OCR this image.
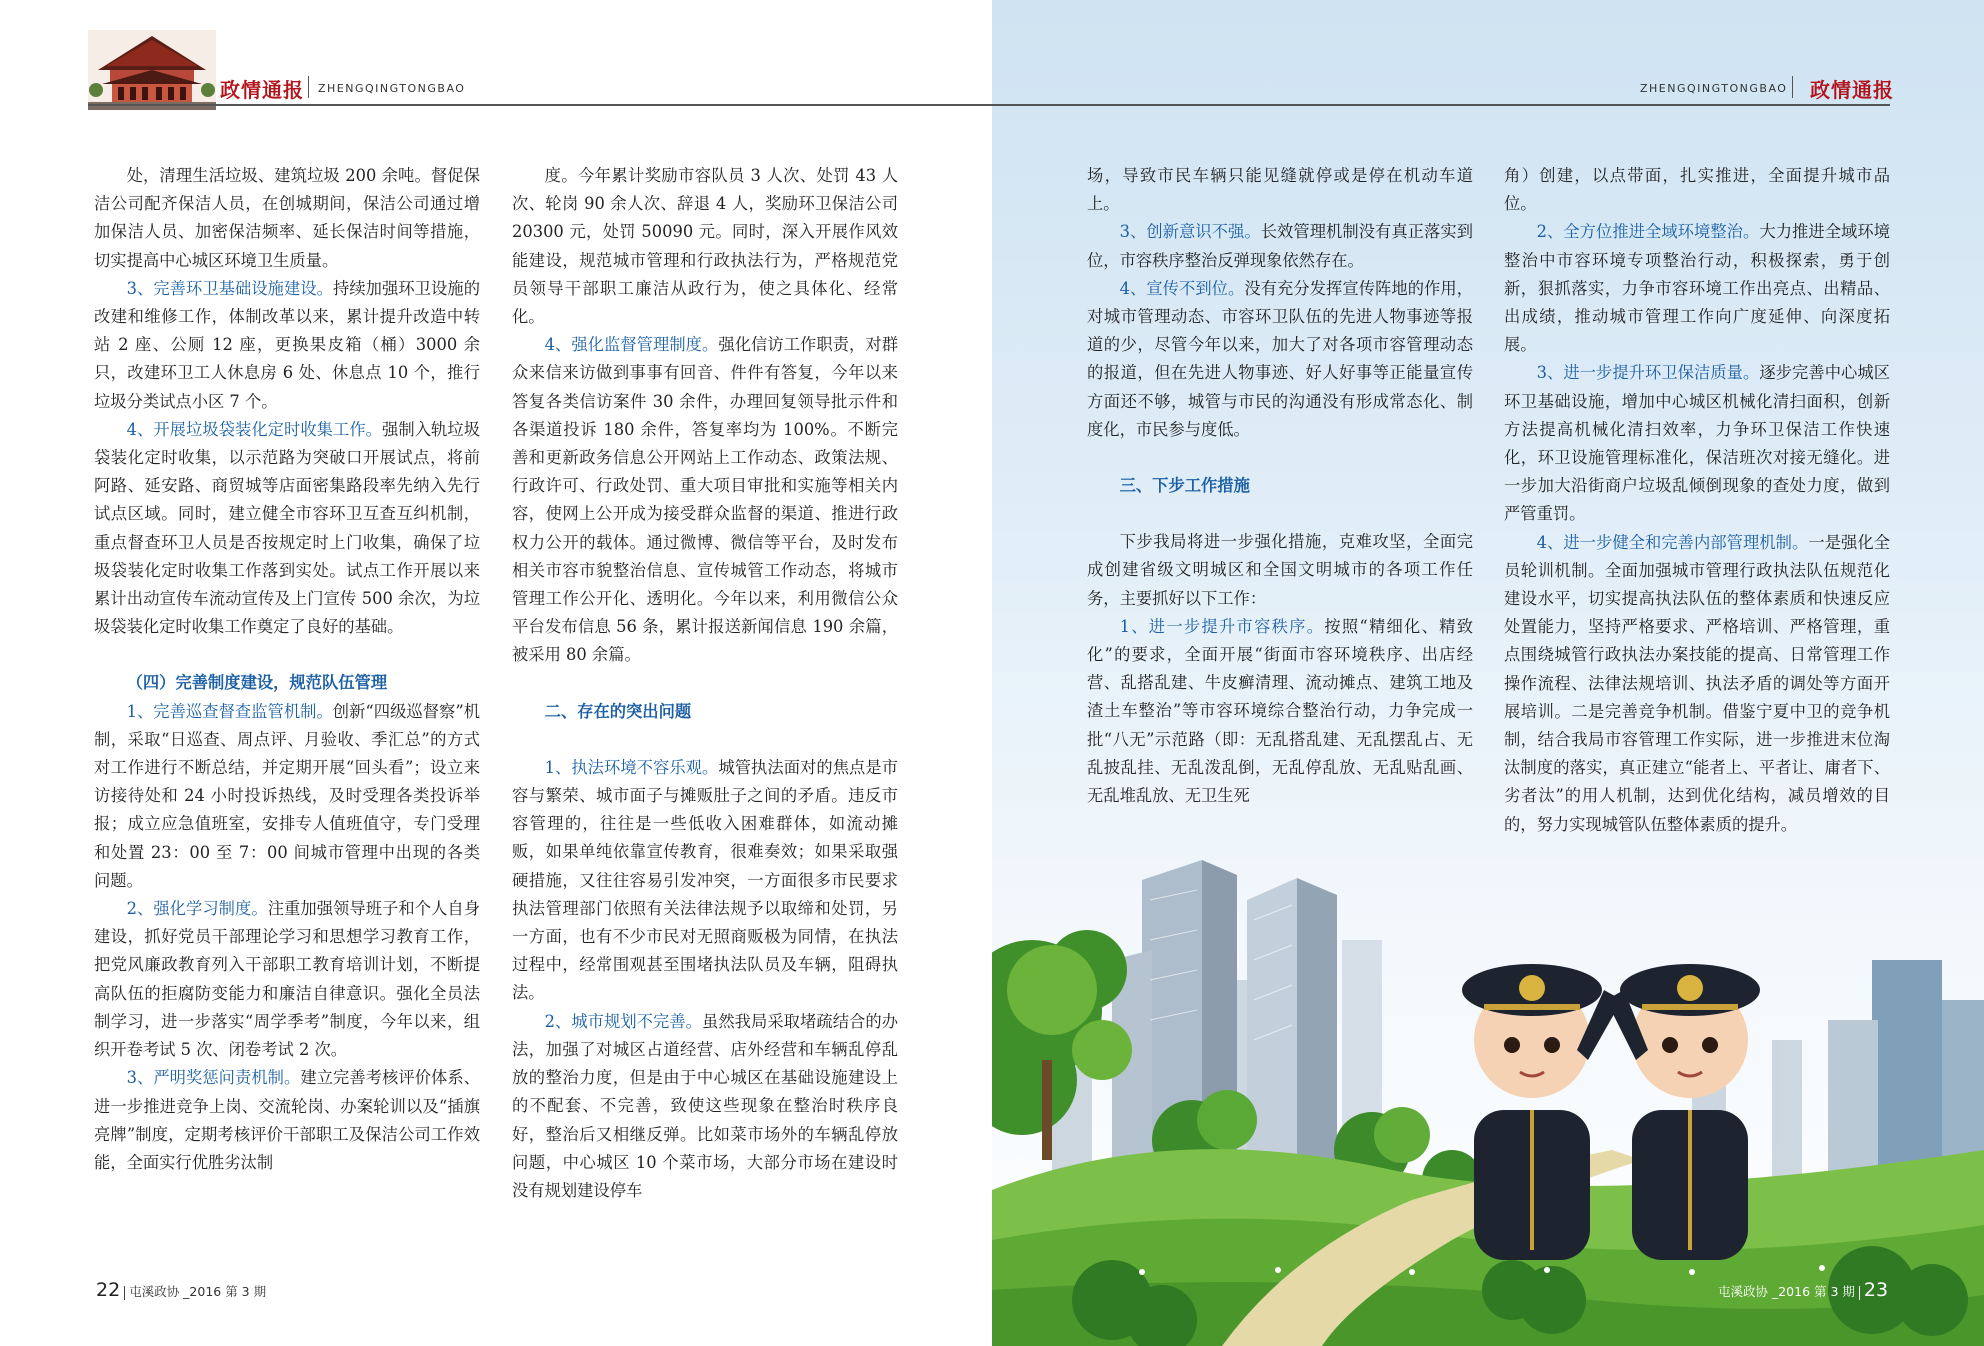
政情通报 ZHENGQINGTONGBAO

处，清理生活垃圾、建筑垃圾 200 余吨。督促保洁公司配齐保洁人员，在创城期间，保洁公司通过增加保洁人员、加密保洁频率、延长保洁时间等措施，切实提高中心城区环境卫生质量。

3、完善环卫基础设施建设。持续加强环卫设施的改建和维修工作，体制改革以来，累计提升改造中转站 2 座、公厕 12 座，更换果皮箱（桶）3000 余只，改建环卫工人休息房 6 处、休息点 10 个，推行垃圾分类试点小区 7 个。

4、开展垃圾袋装化定时收集工作。强制入轨垃圾袋装化定时收集，以示范路为突破口开展试点，将前阿路、延安路、商贸城等店面密集路段率先纳入先行试点区域。同时，建立健全市容环卫互查互纠机制，重点督查环卫人员是否按规定时上门收集，确保了垃圾袋装化定时收集工作落到实处。试点工作开展以来累计出动宣传车流动宣传及上门宣传 500 余次，为垃圾袋装化定时收集工作奠定了良好的基础。

（四）完善制度建设，规范队伍管理

1、完善巡查督查监管机制。创新“四级巡督察”机制，采取“日巡查、周点评、月验收、季汇总”的方式对工作进行不断总结，并定期开展“回头看”；设立来访接待处和 24 小时投诉热线，及时受理各类投诉举报；成立应急值班室，安排专人值班值守，专门受理和处置 23：00 至 7：00 间城市管理中出现的各类问题。

2、强化学习制度。注重加强领导班子和个人自身建设，抓好党员干部理论学习和思想学习教育工作，把党风廉政教育列入干部职工教育培训计划，不断提高队伍的拒腐防变能力和廉洁自律意识。强化全员法制学习，进一步落实“周学季考”制度，今年以来，组织开卷考试 5 次、闭卷考试 2 次。

3、严明奖惩问责机制。建立完善考核评价体系、进一步推进竞争上岗、交流轮岗、办案轮训以及“插旗亮牌”制度，定期考核评价干部职工及保洁公司工作效能，全面实行优胜劣汰制

度。今年累计奖励市容队员 3 人次、处罚 43 人次、轮岗 90 余人次、辞退 4 人，奖励环卫保洁公司 20300 元，处罚 50090 元。同时，深入开展作风效能建设，规范城市管理和行政执法行为，严格规范党员领导干部职工廉洁从政行为，使之具体化、经常化。

4、强化监督管理制度。强化信访工作职责，对群众来信来访做到事事有回音、件件有答复，今年以来答复各类信访案件 30 余件，办理回复领导批示件和各渠道投诉 180 余件，答复率均为 100%。不断完善和更新政务信息公开网站上工作动态、政策法规、行政许可、行政处罚、重大项目审批和实施等相关内容，使网上公开成为接受群众监督的渠道、推进行政权力公开的载体。通过微博、微信等平台，及时发布相关市容市貌整治信息、宣传城管工作动态，将城市管理工作公开化、透明化。今年以来，利用微信公众平台发布信息 56 条，累计报送新闻信息 190 余篇，被采用 80 余篇。

二、存在的突出问题

1、执法环境不容乐观。城管执法面对的焦点是市容与繁荣、城市面子与摊贩肚子之间的矛盾。违反市容管理的，往往是一些低收入困难群体，如流动摊贩，如果单纯依靠宣传教育，很难奏效；如果采取强硬措施，又往往容易引发冲突，一方面很多市民要求执法管理部门依照有关法律法规予以取缔和处罚，另一方面，也有不少市民对无照商贩极为同情，在执法过程中，经常围观甚至围堵执法队员及车辆，阻碍执法。

2、城市规划不完善。虽然我局采取堵疏结合的办法，加强了对城区占道经营、店外经营和车辆乱停乱放的整治力度，但是由于中心城区在基础设施建设上的不配套、不完善，致使这些现象在整治时秩序良好，整治后又相继反弹。比如菜市场外的车辆乱停放问题，中心城区 10 个菜市场，大部分市场在建设时没有规划建设停车

22 屯溪政协 _2016 第 3 期
ZHENGQINGTONGBAO 政情通报

场，导致市民车辆只能见缝就停或是停在机动车道上。

3、创新意识不强。长效管理机制没有真正落实到位，市容秩序整治反弹现象依然存在。

4、宣传不到位。没有充分发挥宣传阵地的作用，对城市管理动态、市容环卫队伍的先进人物事迹等报道的少，尽管今年以来，加大了对各项市容管理动态的报道，但在先进人物事迹、好人好事等正能量宣传方面还不够，城管与市民的沟通没有形成常态化、制度化，市民参与度低。

三、下步工作措施

下步我局将进一步强化措施，克难攻坚，全面完成创建省级文明城区和全国文明城市的各项工作任务，主要抓好以下工作：

1、进一步提升市容秩序。按照“精细化、精致化”的要求，全面开展“街面市容环境秩序、出店经营、乱搭乱建、牛皮癣清理、流动摊点、建筑工地及渣土车整治”等市容环境综合整治行动，力争完成一批“八无”示范路（即：无乱搭乱建、无乱摆乱占、无乱披乱挂、无乱泼乱倒，无乱停乱放、无乱贴乱画、无乱堆乱放、无卫生死

角）创建，以点带面，扎实推进，全面提升城市品位。

2、全方位推进全域环境整治。大力推进全域环境整治中市容环境专项整治行动，积极探索，勇于创新，狠抓落实，力争市容环境工作出亮点、出精品、出成绩，推动城市管理工作向广度延伸、向深度拓展。

3、进一步提升环卫保洁质量。逐步完善中心城区环卫基础设施，增加中心城区机械化清扫面积，创新方法提高机械化清扫效率，力争环卫保洁工作快速化，环卫设施管理标准化，保洁班次对接无缝化。进一步加大沿街商户垃圾乱倾倒现象的查处力度，做到严管重罚。

4、进一步健全和完善内部管理机制。一是强化全员轮训机制。全面加强城市管理行政执法队伍规范化建设水平，切实提高执法队伍的整体素质和快速反应处置能力，坚持严格要求、严格培训、严格管理，重点围绕城管行政执法办案技能的提高、日常管理工作操作流程、法律法规培训、执法矛盾的调处等方面开展培训。二是完善竞争机制。借鉴宁夏中卫的竞争机制，结合我局市容管理工作实际，进一步推进末位淘汰制度的落实，真正建立“能者上、平者让、庸者下、劣者汰”的用人机制，达到优化结构，减员增效的目的，努力实现城管队伍整体素质的提升。

屯溪政协 _2016 第 3 期 23
